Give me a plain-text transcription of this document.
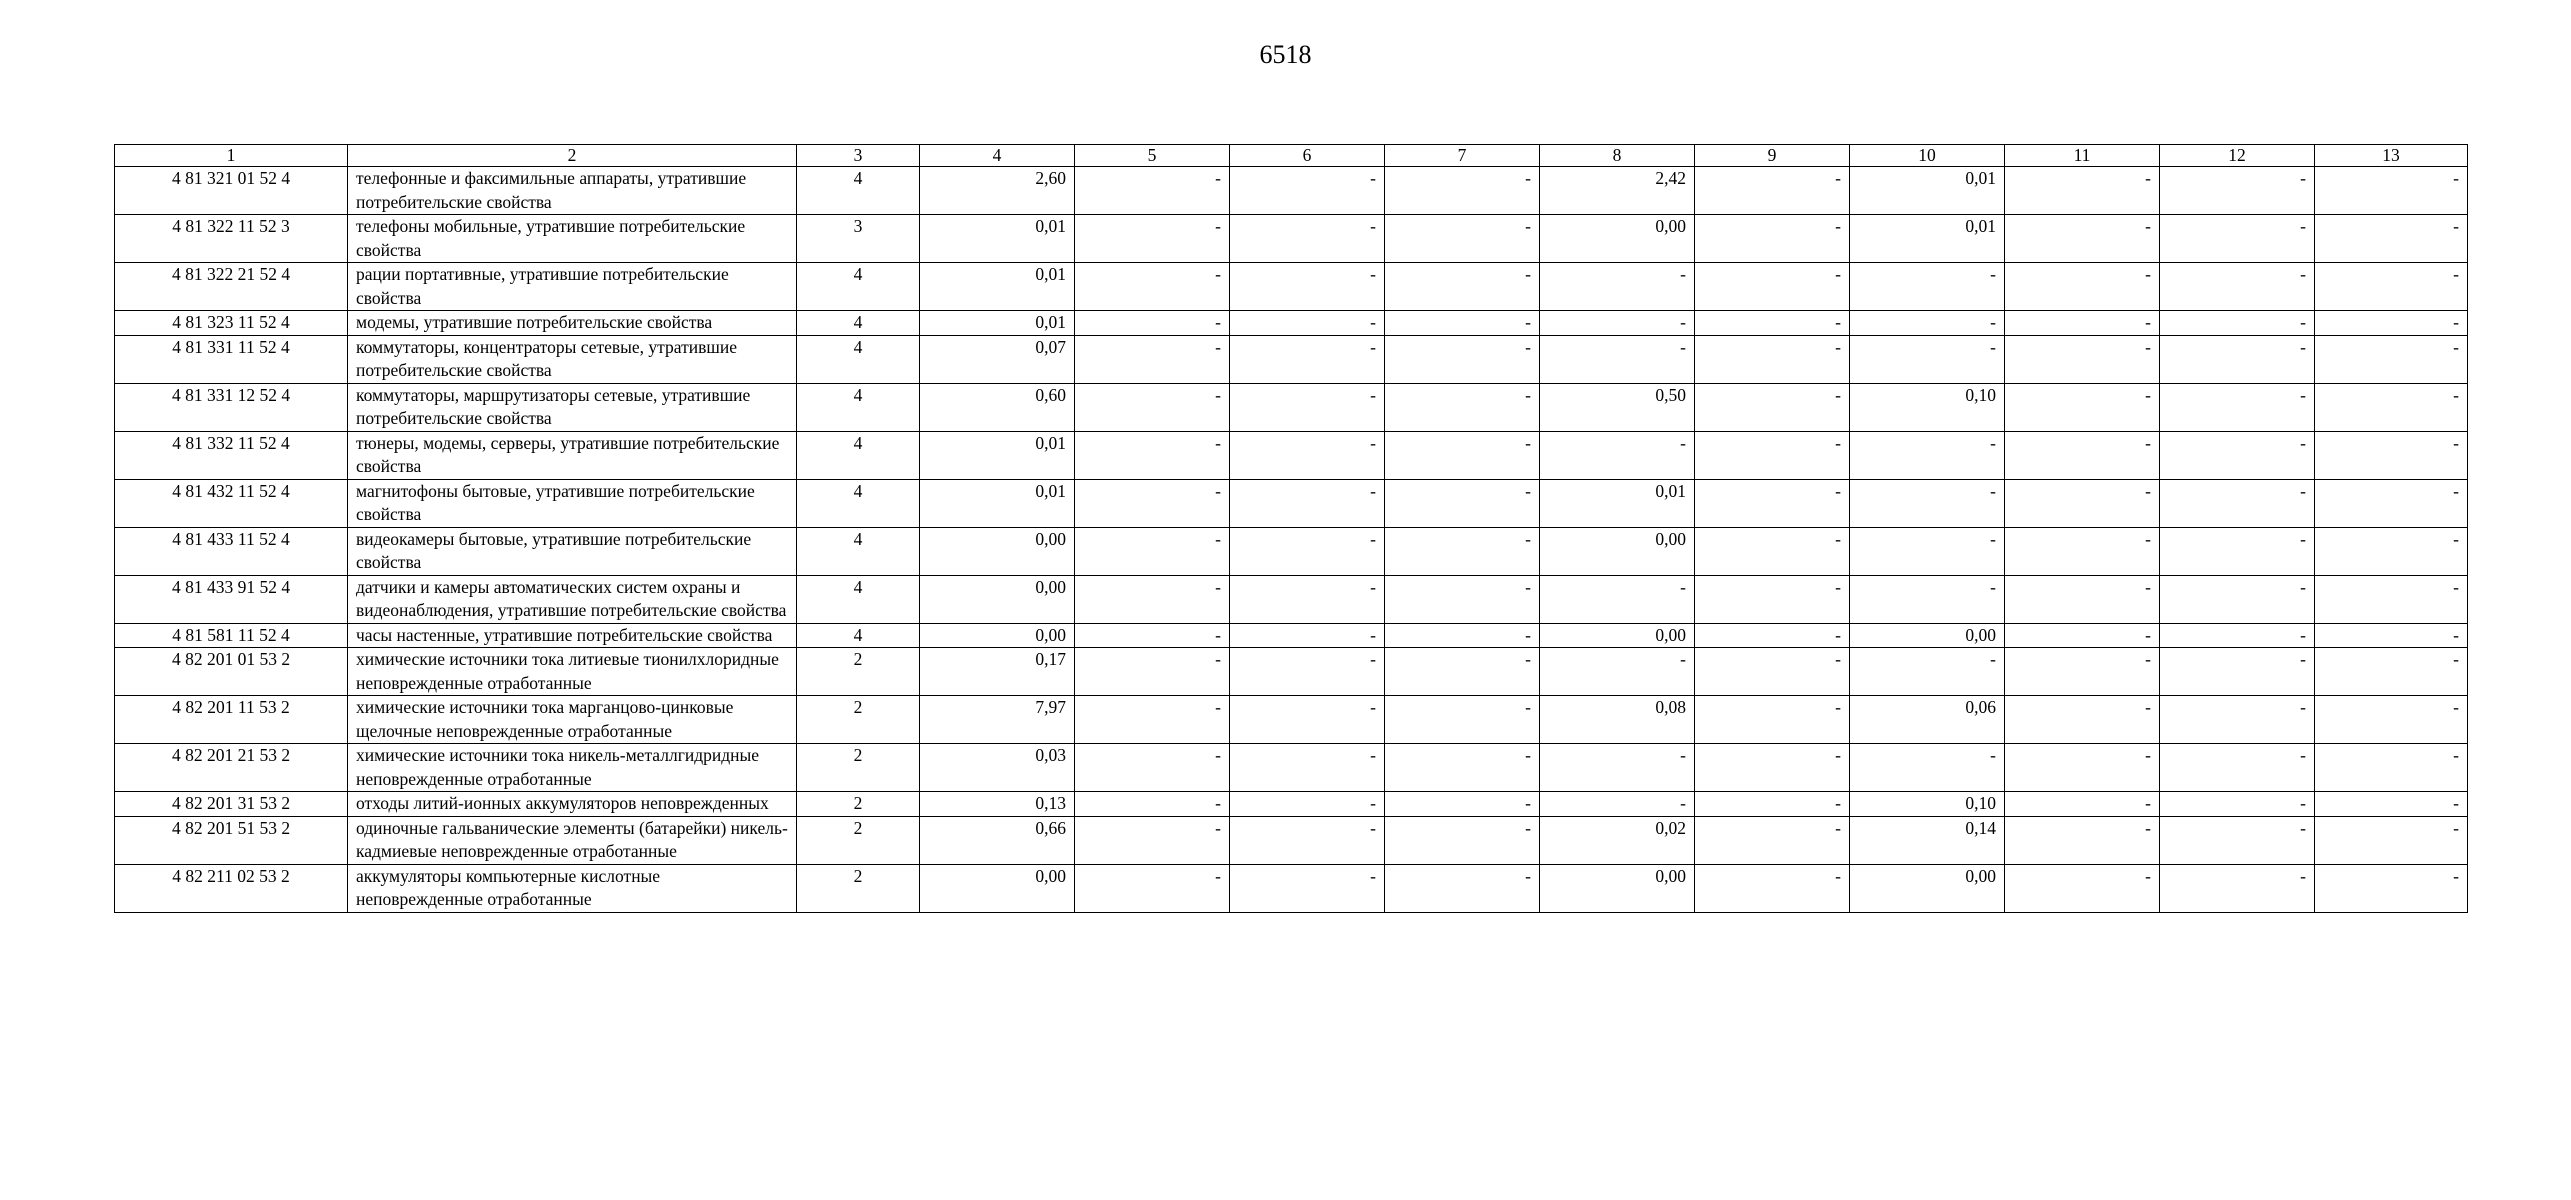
6518
1	2	3	4	5	6	7	8	9	10	11	12	13
4 81 321 01 52 4	телефонные и факсимильные аппараты, утратившие потребительские свойства	4	2,60	-	-	-	2,42	-	0,01	-	-	-
4 81 322 11 52 3	телефоны мобильные, утратившие потребительские свойства	3	0,01	-	-	-	0,00	-	0,01	-	-	-
4 81 322 21 52 4	рации портативные, утратившие потребительские свойства	4	0,01	-	-	-	-	-	-	-	-	-
4 81 323 11 52 4	модемы, утратившие потребительские свойства	4	0,01	-	-	-	-	-	-	-	-	-
4 81 331 11 52 4	коммутаторы, концентраторы сетевые, утратившие потребительские свойства	4	0,07	-	-	-	-	-	-	-	-	-
4 81 331 12 52 4	коммутаторы, маршрутизаторы сетевые, утратившие потребительские свойства	4	0,60	-	-	-	0,50	-	0,10	-	-	-
4 81 332 11 52 4	тюнеры, модемы, серверы, утратившие потребительские свойства	4	0,01	-	-	-	-	-	-	-	-	-
4 81 432 11 52 4	магнитофоны бытовые, утратившие потребительские свойства	4	0,01	-	-	-	0,01	-	-	-	-	-
4 81 433 11 52 4	видеокамеры бытовые, утратившие потребительские свойства	4	0,00	-	-	-	0,00	-	-	-	-	-
4 81 433 91 52 4	датчики и камеры автоматических систем охраны и видеонаблюдения, утратившие потребительские свойства	4	0,00	-	-	-	-	-	-	-	-	-
4 81 581 11 52 4	часы настенные, утратившие потребительские свойства	4	0,00	-	-	-	0,00	-	0,00	-	-	-
4 82 201 01 53 2	химические источники тока литиевые тионилхлоридные неповрежденные отработанные	2	0,17	-	-	-	-	-	-	-	-	-
4 82 201 11 53 2	химические источники тока марганцово-цинковые щелочные неповрежденные отработанные	2	7,97	-	-	-	0,08	-	0,06	-	-	-
4 82 201 21 53 2	химические источники тока никель-металлгидридные неповрежденные отработанные	2	0,03	-	-	-	-	-	-	-	-	-
4 82 201 31 53 2	отходы литий-ионных аккумуляторов неповрежденных	2	0,13	-	-	-	-	-	0,10	-	-	-
4 82 201 51 53 2	одиночные гальванические элементы (батарейки) никель-кадмиевые неповрежденные отработанные	2	0,66	-	-	-	0,02	-	0,14	-	-	-
4 82 211 02 53 2	аккумуляторы компьютерные кислотные неповрежденные отработанные	2	0,00	-	-	-	0,00	-	0,00	-	-	-
